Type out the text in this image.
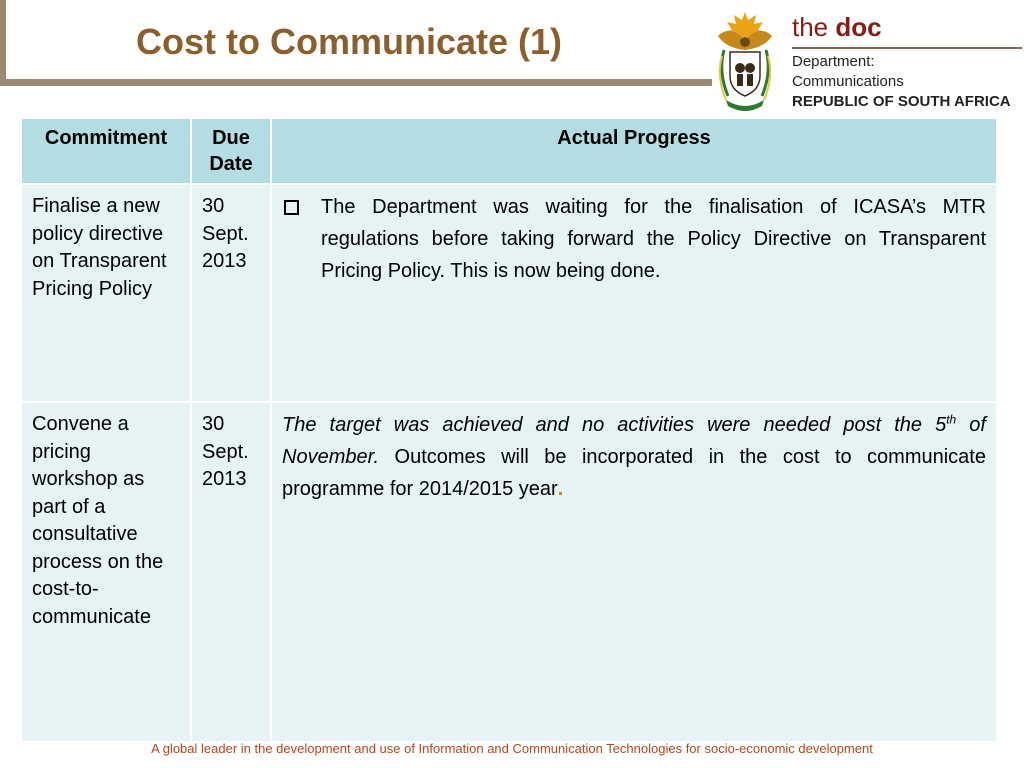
Cost to Communicate (1)	the doc
Department:
Communications
REPUBLIC OF SOUTH AFRICA
Commitment	Due Date	Actual Progress
Finalise a new policy directive on Transparent Pricing Policy	30 Sept. 2013	The Department was waiting for the finalisation of ICASA’s MTR regulations before taking forward the Policy Directive on Transparent Pricing Policy. This is now being done.

Convene a pricing workshop as part of a consultative process on the cost-to-communicate	30 Sept. 2013	The target was achieved and no activities were needed post the 5th of November. Outcomes will be incorporated in the cost to communicate programme for 2014/2015 year.
A global leader in the development and use of Information and Communication Technologies for socio-economic development
